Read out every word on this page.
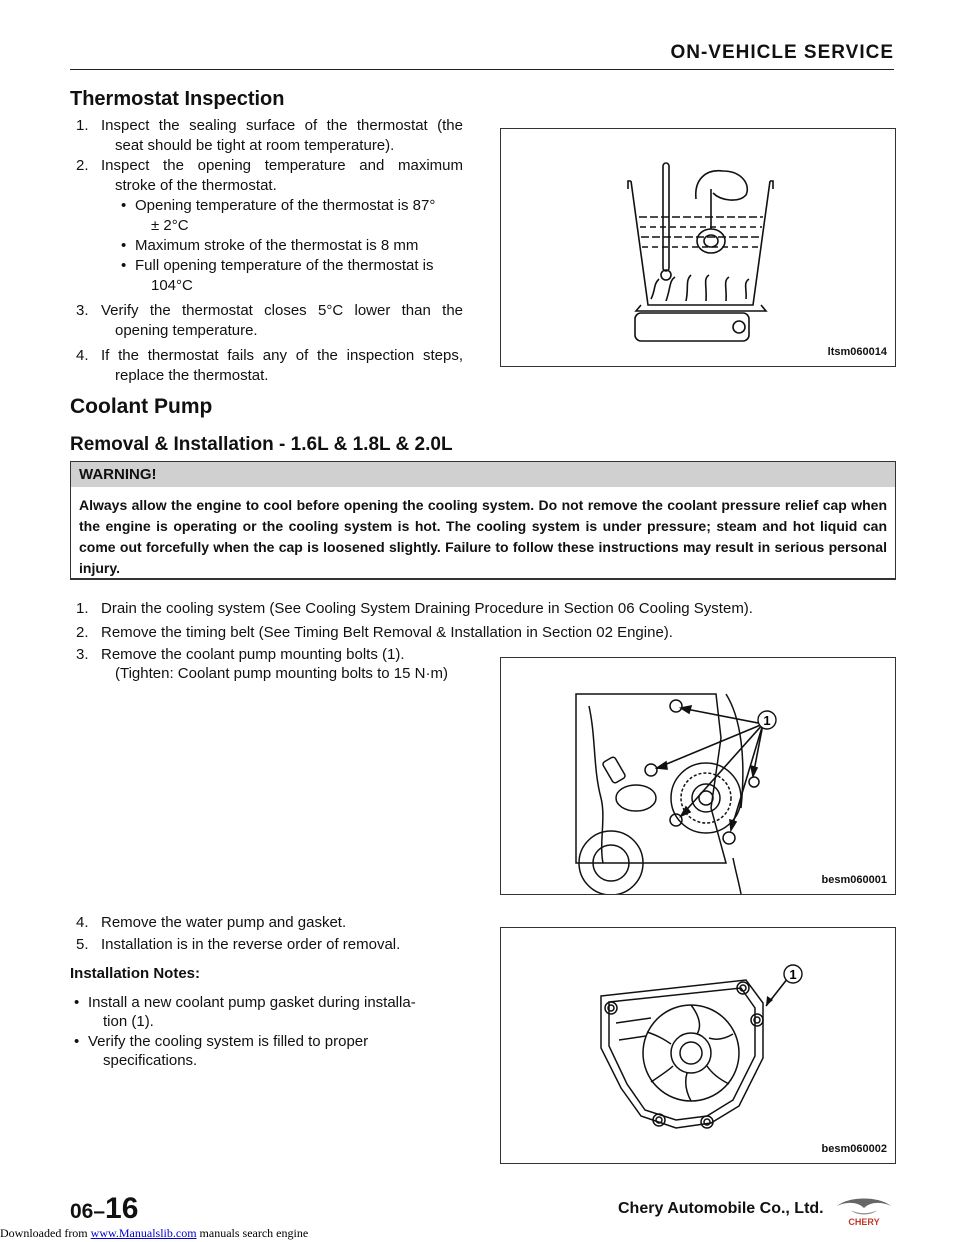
ON-VEHICLE SERVICE
Thermostat Inspection
1. Inspect the sealing surface of the thermostat (the
seat should be tight at room temperature).
2. Inspect the opening temperature and maximum
stroke of the thermostat.
• Opening temperature of the thermostat is 87°
± 2°C
• Maximum stroke of the thermostat is 8 mm
• Full opening temperature of the thermostat is
104°C
3. Verify the thermostat closes 5°C lower than the
opening temperature.
4. If the thermostat fails any of the inspection steps,
replace the thermostat.
ltsm060014
Coolant Pump
Removal & Installation - 1.6L & 1.8L & 2.0L
WARNING!
Always allow the engine to cool before opening the cooling system. Do not remove the coolant pressure relief cap when the engine is operating or the cooling system is hot. The cooling system is under pressure; steam and hot liquid can come out forcefully when the cap is loosened slightly. Failure to follow these instructions may result in serious personal injury.
1. Drain the cooling system (See Cooling System Draining Procedure in Section 06 Cooling System).
2. Remove the timing belt (See Timing Belt Removal & Installation in Section 02 Engine).
3. Remove the coolant pump mounting bolts (1).
(Tighten: Coolant pump mounting bolts to 15 N·m)
1
besm060001
4. Remove the water pump and gasket.
5. Installation is in the reverse order of removal.
Installation Notes:
• Install a new coolant pump gasket during installa-
tion (1).
• Verify the cooling system is filled to proper
specifications.
1
besm060002
06–16	Chery Automobile Co., Ltd.
CHERY
Downloaded from www.Manualslib.com manuals search engine
